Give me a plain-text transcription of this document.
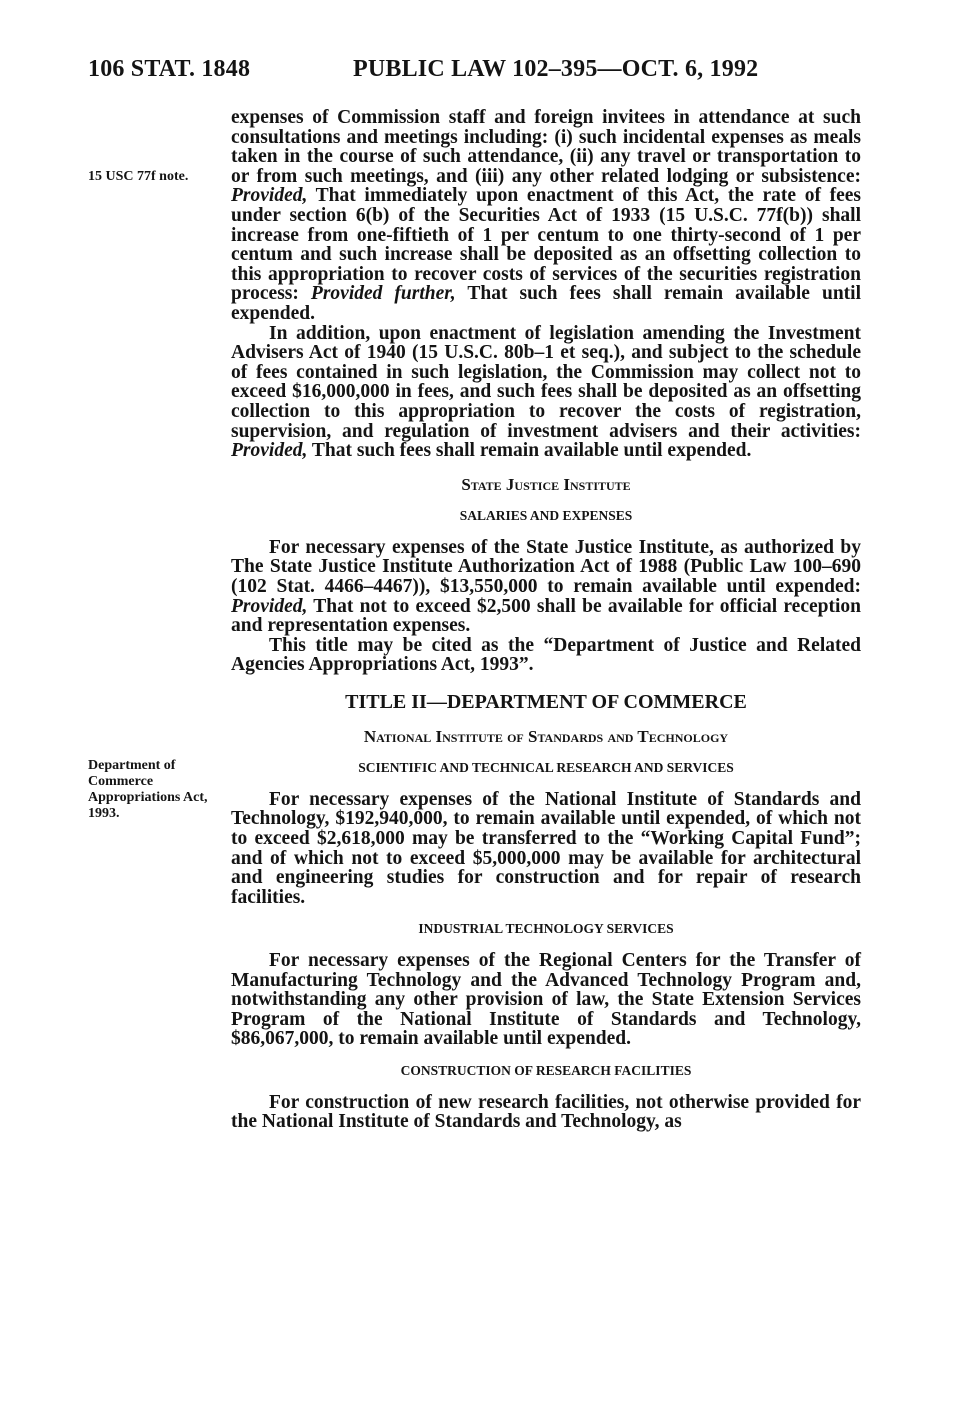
106 STAT. 1848	PUBLIC LAW 102–395—OCT. 6, 1992
15 USC 77f note.
Department of Commerce Appropriations Act, 1993.

expenses of Commission staff and foreign invitees in attendance at such consultations and meetings including: (i) such incidental expenses as meals taken in the course of such attendance, (ii) any travel or transportation to or from such meetings, and (iii) any other related lodging or subsistence: Provided, That immediately upon enactment of this Act, the rate of fees under section 6(b) of the Securities Act of 1933 (15 U.S.C. 77f(b)) shall increase from one-fiftieth of 1 per centum to one thirty-second of 1 per centum and such increase shall be deposited as an offsetting collection to this appropriation to recover costs of services of the securities registration process: Provided further, That such fees shall remain available until expended.

In addition, upon enactment of legislation amending the Investment Advisers Act of 1940 (15 U.S.C. 80b–1 et seq.), and subject to the schedule of fees contained in such legislation, the Commission may collect not to exceed $16,000,000 in fees, and such fees shall be deposited as an offsetting collection to this appropriation to recover the costs of registration, supervision, and regulation of investment advisers and their activities: Provided, That such fees shall remain available until expended.

State Justice Institute
SALARIES AND EXPENSES

For necessary expenses of the State Justice Institute, as authorized by The State Justice Institute Authorization Act of 1988 (Public Law 100–690 (102 Stat. 4466–4467)), $13,550,000 to remain available until expended: Provided, That not to exceed $2,500 shall be available for official reception and representation expenses.

This title may be cited as the “Department of Justice and Related Agencies Appropriations Act, 1993”.

TITLE II—DEPARTMENT OF COMMERCE
National Institute of Standards and Technology
SCIENTIFIC AND TECHNICAL RESEARCH AND SERVICES

For necessary expenses of the National Institute of Standards and Technology, $192,940,000, to remain available until expended, of which not to exceed $2,618,000 may be transferred to the “Working Capital Fund”; and of which not to exceed $5,000,000 may be available for architectural and engineering studies for construction and for repair of research facilities.

INDUSTRIAL TECHNOLOGY SERVICES

For necessary expenses of the Regional Centers for the Transfer of Manufacturing Technology and the Advanced Technology Program and, notwithstanding any other provision of law, the State Extension Services Program of the National Institute of Standards and Technology, $86,067,000, to remain available until expended.

CONSTRUCTION OF RESEARCH FACILITIES

For construction of new research facilities, not otherwise provided for the National Institute of Standards and Technology, as
